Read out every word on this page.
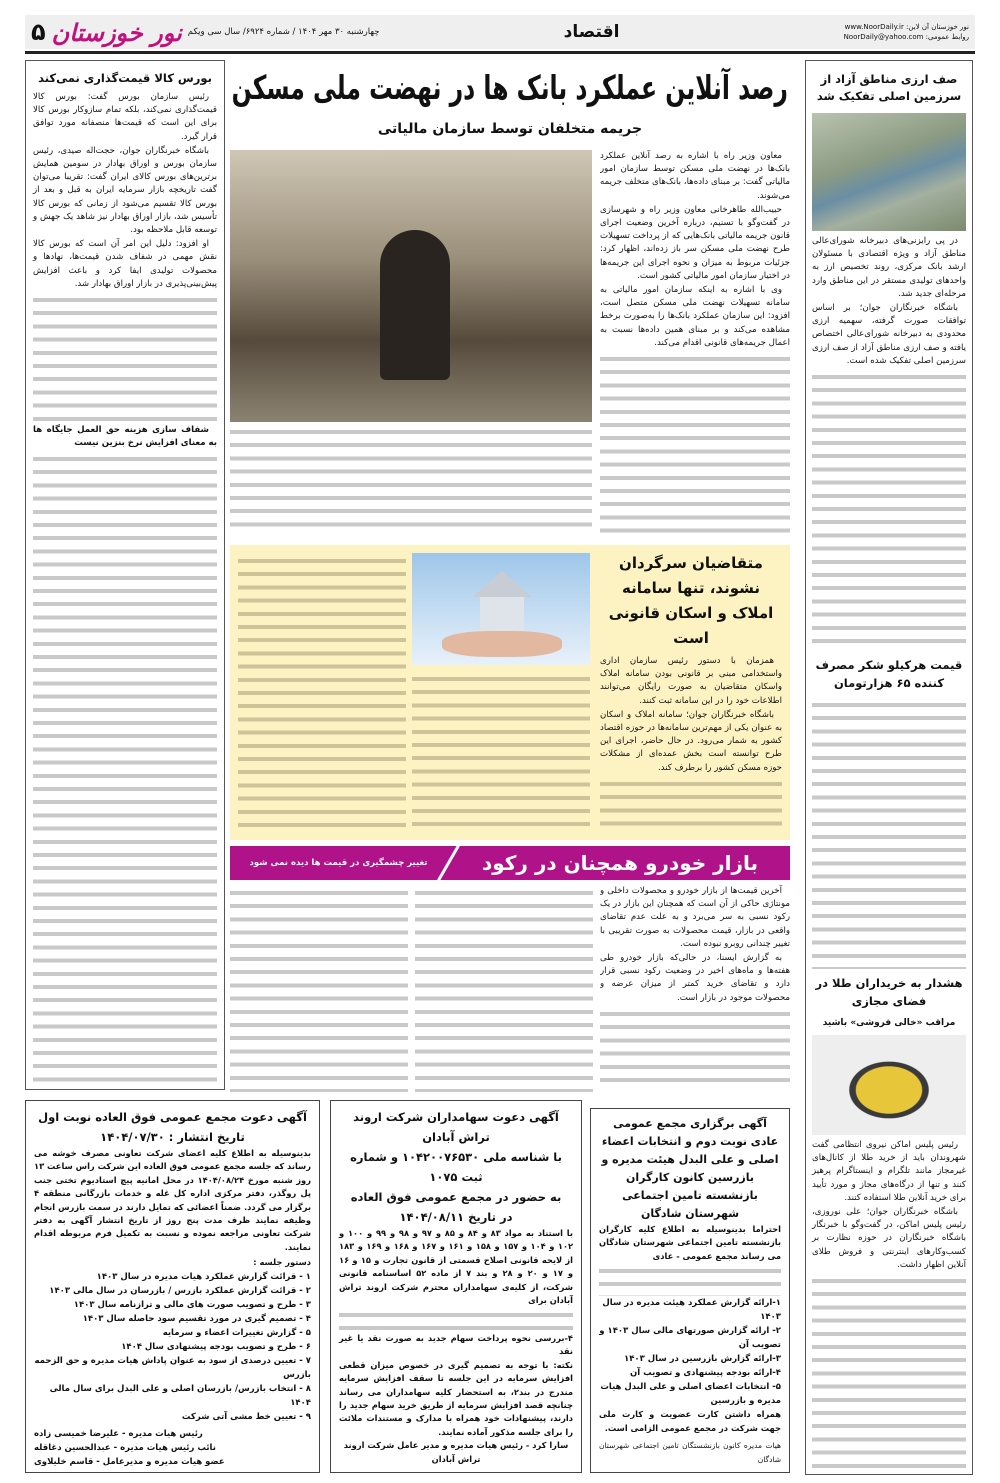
۵ نور خوزستان چهارشنبه ۳۰ مهر ۱۴۰۴ / شماره ۶۹۲۴/ سال سی ویکم	اقتصاد	نور خوزستان آن لاین: www.NoorDaily.ir
روابط عمومی: NoorDaily@yahoo.com
بورس کالا قیمت‌گذاری نمی‌کند

رئیس سازمان بورس گفت: بورس کالا قیمت‌گذاری نمی‌کند، بلکه تمام سازوکار بورس کالا برای این است که قیمت‌ها منصفانه مورد توافق قرار گیرد.

باشگاه خبرنگاران جوان، حجت‌اله صیدی، رئیس سازمان بورس و اوراق بهادار در سومین همایش برترین‌های بورس کالای ایران گفت: تقریبا می‌توان گفت تاریخچه بازار سرمایه ایران به قبل و بعد از بورس کالا تقسیم می‌شود از زمانی که بورس کالا تأسیس شد، بازار اوراق بهادار نیز شاهد یک جهش و توسعه قابل ملاحظه بود.

او افزود: دلیل این امر آن است که بورس کالا نقش مهمی در شفاف شدن قیمت‌ها، نهادها و محصولات تولیدی ایفا کرد و باعث افزایش پیش‌بینی‌پذیری در بازار اوراق بهادار شد.

شفاف سازی هزینه حق العمل جایگاه ها به معنای افزایش نرخ بنزین نیست

صف ارزی مناطق آزاد از سرزمین اصلی تفکیک شد

در پی رایزنی‌های دبیرخانه شورای‌عالی مناطق آزاد و ویژه اقتصادی با مسئولان ارشد بانک مرکزی، روند تخصیص ارز به واحدهای تولیدی مستقر در این مناطق وارد مرحله‌ای جدید شد.

باشگاه خبرنگاران جوان؛ بر اساس توافقات صورت گرفته، سهمیه ارزی محدودی به دبیرخانه شورای‌عالی اختصاص یافته و صف ارزی مناطق آزاد از صف ارزی سرزمین اصلی تفکیک شده است.

قیمت هرکیلو شکر مصرف کننده ۶۵ هزارتومان
هشدار به خریداران طلا در فضای مجازی
مراقب «خالی فروشی» باشید

رئیس پلیس اماکن نیروی انتظامی گفت شهروندان باید از خرید طلا از کانال‌های غیرمجاز مانند تلگرام و اینستاگرام پرهیز کنند و تنها از درگاه‌های مجاز و مورد تأیید برای خرید آنلاین طلا استفاده کنند.

باشگاه خبرنگاران جوان؛ علی نوروزی، رئیس پلیس اماکن، در گفت‌وگو با خبرنگار باشگاه خبرنگاران در حوزه نظارت بر کسب‌وکارهای اینترنتی و فروش طلای آنلاین اظهار داشت.

رصد آنلاین عملکرد بانک ها در نهضت ملی مسکن
جریمه متخلفان توسط سازمان مالیاتی

معاون وزیر راه با اشاره به رصد آنلاین عملکرد بانک‌ها در نهضت ملی مسکن توسط سازمان امور مالیاتی گفت: بر مبنای داده‌ها، بانک‌های متخلف جریمه می‌شوند.

حبیب‌الله طاهرخانی معاون وزیر راه و شهرسازی در گفت‌وگو با تسنیم، درباره آخرین وضعیت اجرای قانون جریمه مالیاتی بانک‌هایی که از پرداخت تسهیلات طرح نهضت ملی مسکن سر باز زده‌اند، اظهار کرد: جزئیات مربوط به میزان و نحوه اجرای این جریمه‌ها در اختیار سازمان امور مالیاتی کشور است.

وی با اشاره به اینکه سازمان امور مالیاتی به سامانه تسهیلات نهضت ملی مسکن متصل است، افزود: این سازمان عملکرد بانک‌ها را به‌صورت برخط مشاهده می‌کند و بر مبنای همین داده‌ها نسبت به اعمال جریمه‌های قانونی اقدام می‌کند.

متقاضیان سرگردان نشوند، تنها سامانه املاک و اسکان قانونی است

همزمان با دستور رئیس سازمان اداری واستخدامی مبنی بر قانونی بودن سامانه املاک واسکان متقاضیان به صورت رایگان می‌توانند اطلاعات خود را در این سامانه ثبت کنند.

باشگاه خبرنگاران جوان؛ سامانه املاک و اسکان به عنوان یکی از مهم‌ترین سامانه‌ها در حوزه اقتصاد کشور به شمار می‌رود. در حال حاضر، اجرای این طرح توانسته است بخش عمده‌ای از مشکلات حوزه مسکن کشور را برطرف کند.

بازار خودرو همچنان در رکود
تغییر چشمگیری در قیمت ها دیده نمی شود

آخرین قیمت‌ها از بازار خودرو و محصولات داخلی و مونتاژی حاکی از آن است که همچنان این بازار در یک رکود نسبی به سر می‌برد و به علت عدم تقاضای واقعی در بازار، قیمت محصولات به صورت تقریبی با تغییر چندانی روبرو نبوده است.

به گزارش ایسنا، در حالی‌که بازار خودرو طی هفته‌ها و ماه‌های اخیر در وضعیت رکود نسبی قرار دارد و تقاضای خرید کمتر از میزان عرضه و محصولات موجود در بازار است.

آگهی برگزاری مجمع عمومی عادی نوبت دوم و انتخابات اعضاء اصلی و علی البدل هیئت مدیره و بازرسین کانون کارگران بازنشسته تامین اجتماعی شهرستان شادگان

احتراما بدینوسیله به اطلاع کلیه کارگران بازنشسته تامین اجتماعی شهرستان شادگان می رساند مجمع عمومی - عادی

۱-ارائه گزارش عملکرد هیئت مدیره در سال ۱۴۰۳
۲- ارائه گزارش صورتهای مالی سال ۱۴۰۳ و تصویب آن
۳-ارائه گزارش بازرسین در سال ۱۴۰۳
۴-ارائه بودجه پیشنهادی و تصویب آن
۵- انتخابات اعضای اصلی و علی البدل هیات مدیره و بازرسین

همراه داشتن کارت عضویت و کارت ملی جهت شرکت در مجمع عمومی الزامی است.

هیات مدیره کانون بازنشستگان تامین اجتماعی شهرستان شادگان

آگهی دعوت سهامداران شرکت اروند تراش آبادان
با شناسه ملی ۱۰۴۲۰۰۷۶۵۳۰ و شماره ثبت ۱۰۷۵
به حضور در مجمع عمومی فوق العاده
در تاریخ ۱۴۰۴/۰۸/۱۱

با استناد به مواد ۸۳ و ۸۴ و ۸۵ و ۹۷ و ۹۸ و ۹۹ و ۱۰۰ و ۱۰۲ و ۱۰۴ و ۱۵۷ و ۱۵۸ و ۱۶۱ و ۱۶۷ و ۱۶۸ و ۱۶۹ و ۱۸۳ از لایحه قانونی اصلاح قسمتی از قانون تجارت و ۱۵ و ۱۶ و ۱۷ و ۲۰ و ۲۸ و بند ۷ از ماده ۵۲ اساسنامه قانونی شرکت، از کلیه‌ی سهامداران محترم شرکت اروند تراش آبادان برای

۴-بررسی نحوه پرداخت سهام جدید به صورت نقد یا غیر نقد

نکته: با توجه به تصمیم گیری در خصوص میزان قطعی افزایش سرمایه در این جلسه تا سقف افزایش سرمایه مندرج در بند۲، به استحضار کلیه سهامداران می رساند چنانچه قصد افزایش سرمایه از طریق خرید سهام جدید را دارند، پیشنهادات خود همراه با مدارک و مستندات ملائت را برای جلسه مذکور آماده نمایند.

سارا کرد - رئیس هیات مدیره و مدیر عامل شرکت اروند تراش آبادان

آگهی دعوت مجمع عمومی فوق العاده نوبت اول
تاریخ انتشار : ۱۴۰۴/۰۷/۳۰

بدینوسیله به اطلاع کلیه اعضای شرکت تعاونی مصرف خوشه می رساند که جلسه مجمع عمومی فوق العاده این شرکت راس ساعت ۱۳ روز شنبه مورخ ۱۴۰۴/۰۸/۲۴ در محل امانیه پیچ استادیوم تختی جنب پل روگذر، دفتر مرکزی اداره کل غله و خدمات بازرگانی منطقه ۴ برگزار می گردد. ضمناً اعضائی که تمایل دارند در سمت بازرس انجام وظیفه نمایند ظرف مدت پنج روز از تاریخ انتشار آگهی به دفتر شرکت تعاونی مراجعه نموده و نسبت به تکمیل فرم مربوطه اقدام نمایند.

دستور جلسه :

۱ - قرائت گزارش عملکرد هیات مدیره در سال ۱۴۰۳
۲ - قرائت گزارش عملکرد بازرس / بازرسان در سال مالی ۱۴۰۳
۳ - طرح و تصویب صورت های مالی و ترازنامه سال ۱۴۰۳
۴ - تصمیم گیری در مورد تقسیم سود حاصله سال ۱۴۰۳
۵ - گزارش تغییرات اعضاء و سرمایه
۶ - طرح و تصویب بودجه پیشنهادی سال ۱۴۰۴
۷ - تعیین درصدی از سود به عنوان پاداش هیات مدیره و حق الزحمه بازرس
۸ - انتخاب بازرس/ بازرسان اصلی و علی البدل برای سال مالی ۱۴۰۴
۹ - تعیین خط مشی آتی شرکت
رئیس هیات مدیره - علیرضا خمیسی زاده
نائب رئیس هیات مدیره - عبدالحسین دغاقله
عضو هیات مدیره و مدیرعامل - قاسم خلیلاوی
